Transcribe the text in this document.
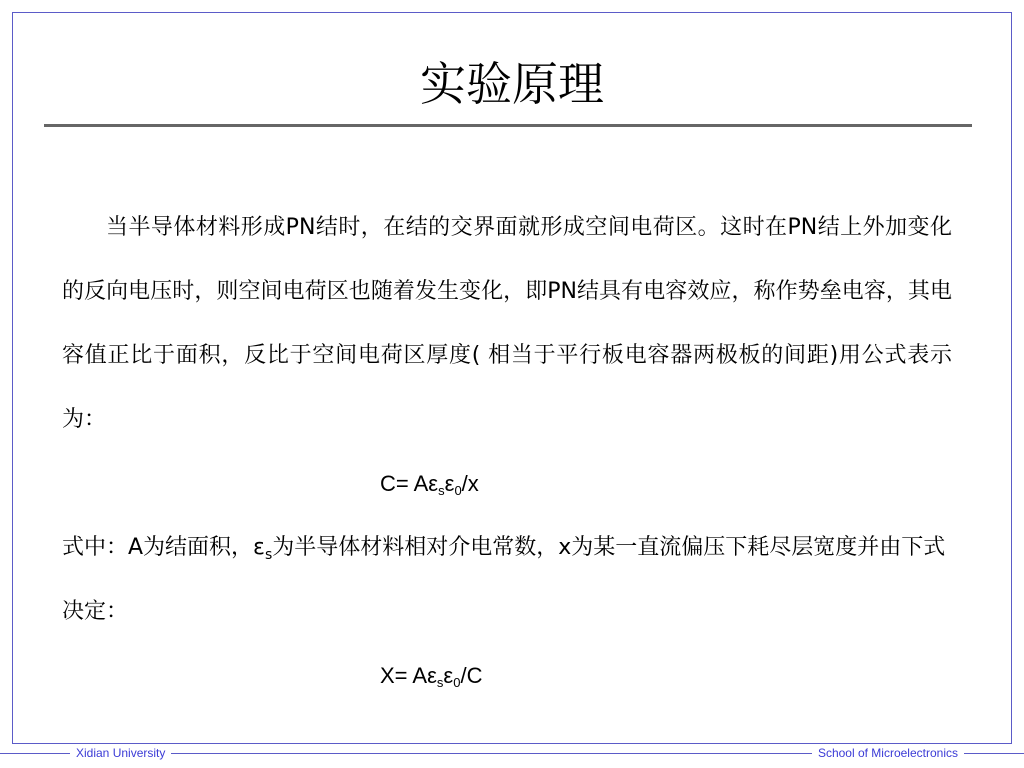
实验原理

当半导体材料形成PN结时，在结的交界面就形成空间电荷区。这时在PN结上外加变化的反向电压时，则空间电荷区也随着发生变化，即PN结具有电容效应，称作势垒电容，其电容值正比于面积，反比于空间电荷区厚度( 相当于平行板电容器两极板的间距)用公式表示为：

$C= A\varepsilon_s\varepsilon_0/x$

式中：A为结面积，$\varepsilon_s$为半导体材料相对介电常数，x为某一直流偏压下耗尽层宽度并由下式决定：

$X= A\varepsilon_s\varepsilon_0/C$

Xidian University	School of Microelectronics
